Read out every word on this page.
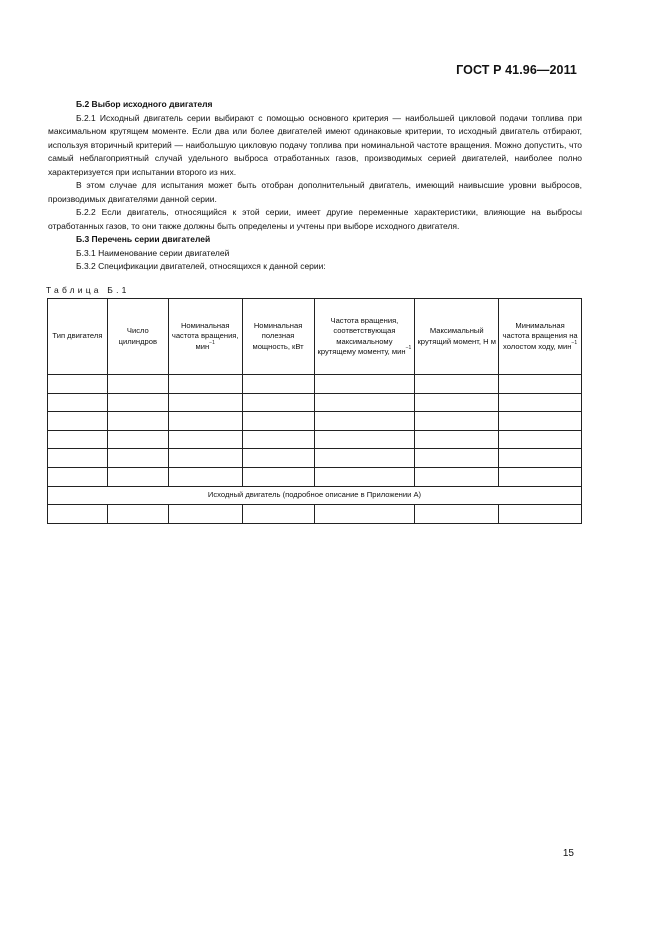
ГОСТ Р 41.96—2011

Б.2 Выбор исходного двигателя

Б.2.1 Исходный двигатель серии выбирают с помощью основного критерия — наибольшей цикловой подачи топлива при максимальном крутящем моменте. Если два или более двигателей имеют одинаковые критерии, то исходный двигатель отбирают, используя вторичный критерий — наибольшую цикловую подачу топлива при номинальной частоте вращения. Можно допустить, что самый неблагоприятный случай удельного выброса отработанных газов, производимых серией двигателей, наиболее полно характеризуется при испытании второго из них.

В этом случае для испытания может быть отобран дополнительный двигатель, имеющий наивысшие уровни выбросов, производимых двигателями данной серии.

Б.2.2 Если двигатель, относящийся к этой серии, имеет другие переменные характеристики, влияющие на выбросы отработанных газов, то они также должны быть определены и учтены при выборе исходного двигателя.

Б.3 Перечень серии двигателей

Б.3.1 Наименование серии двигателей

Б.3.2 Спецификации двигателей, относящихся к данной серии:

Таблица Б.1
Тип двигателя	Число цилиндров	Номинальная частота вращения, мин$^{-1}$	Номинальная полезная мощность, кВт	Частота вращения, соответствующая максимальному крутящему моменту, мин$^{-1}$	Максимальный крутящий момент, Н м	Минимальная частота вращения на холостом ходу, мин$^{-1}$

Исходный двигатель (подробное описание в Приложении А)						

15
